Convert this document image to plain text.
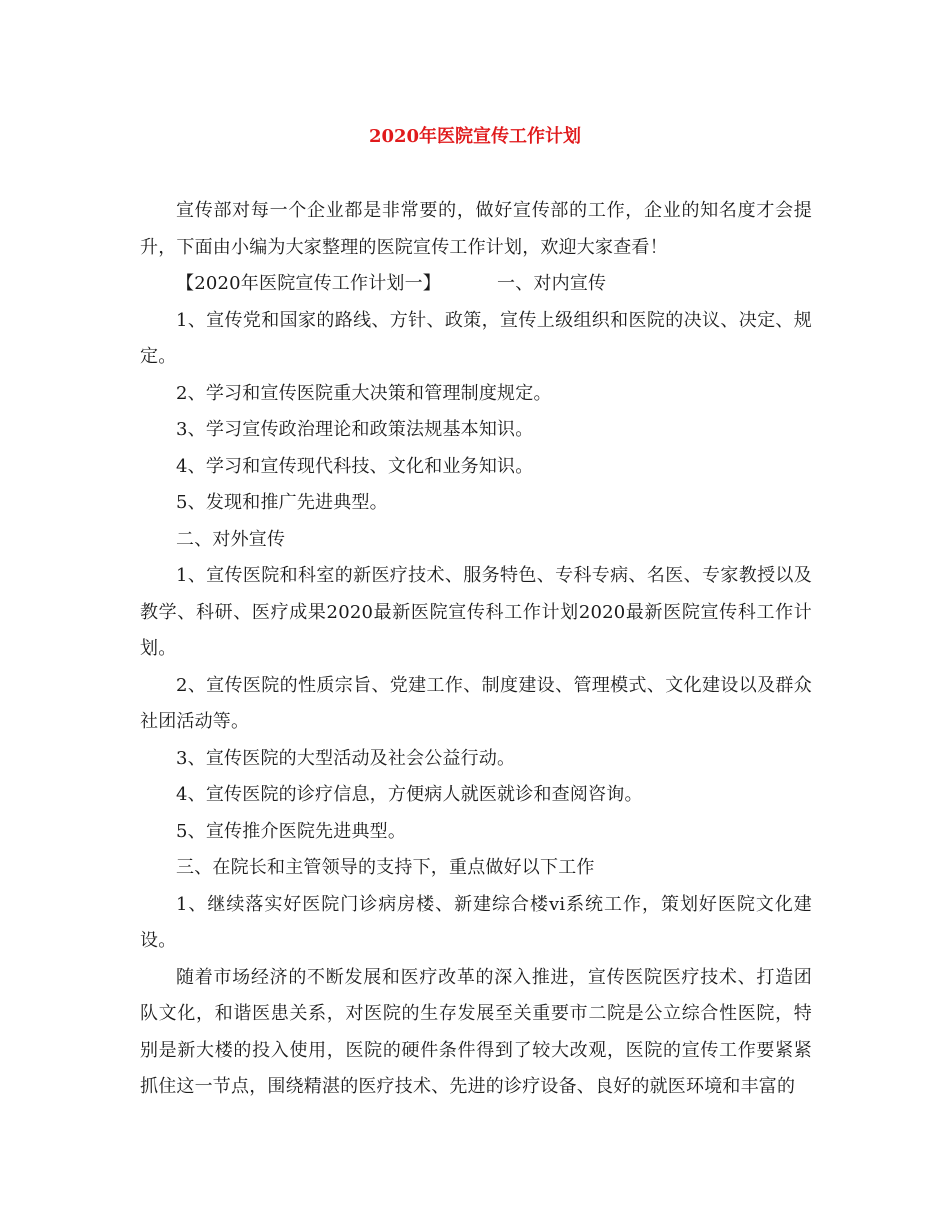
2020年医院宣传工作计划

宣传部对每一个企业都是非常要的，做好宣传部的工作，企业的知名度才会提升，下面由小编为大家整理的医院宣传工作计划，欢迎大家查看！

【2020年医院宣传工作计划一】	一、对内宣传

1、宣传党和国家的路线、方针、政策，宣传上级组织和医院的决议、决定、规定。

2、学习和宣传医院重大决策和管理制度规定。

3、学习宣传政治理论和政策法规基本知识。

4、学习和宣传现代科技、文化和业务知识。

5、发现和推广先进典型。

二、对外宣传

1、宣传医院和科室的新医疗技术、服务特色、专科专病、名医、专家教授以及教学、科研、医疗成果2020最新医院宣传科工作计划2020最新医院宣传科工作计划。

2、宣传医院的性质宗旨、党建工作、制度建设、管理模式、文化建设以及群众社团活动等。

3、宣传医院的大型活动及社会公益行动。

4、宣传医院的诊疗信息，方便病人就医就诊和查阅咨询。

5、宣传推介医院先进典型。

三、在院长和主管领导的支持下，重点做好以下工作

1、继续落实好医院门诊病房楼、新建综合楼vi系统工作，策划好医院文化建设。

随着市场经济的不断发展和医疗改革的深入推进，宣传医院医疗技术、打造团队文化，和谐医患关系，对医院的生存发展至关重要市二院是公立综合性医院，特别是新大楼的投入使用，医院的硬件条件得到了较大改观，医院的宣传工作要紧紧抓住这一节点，围绕精湛的医疗技术、先进的诊疗设备、良好的就医环境和丰富的
